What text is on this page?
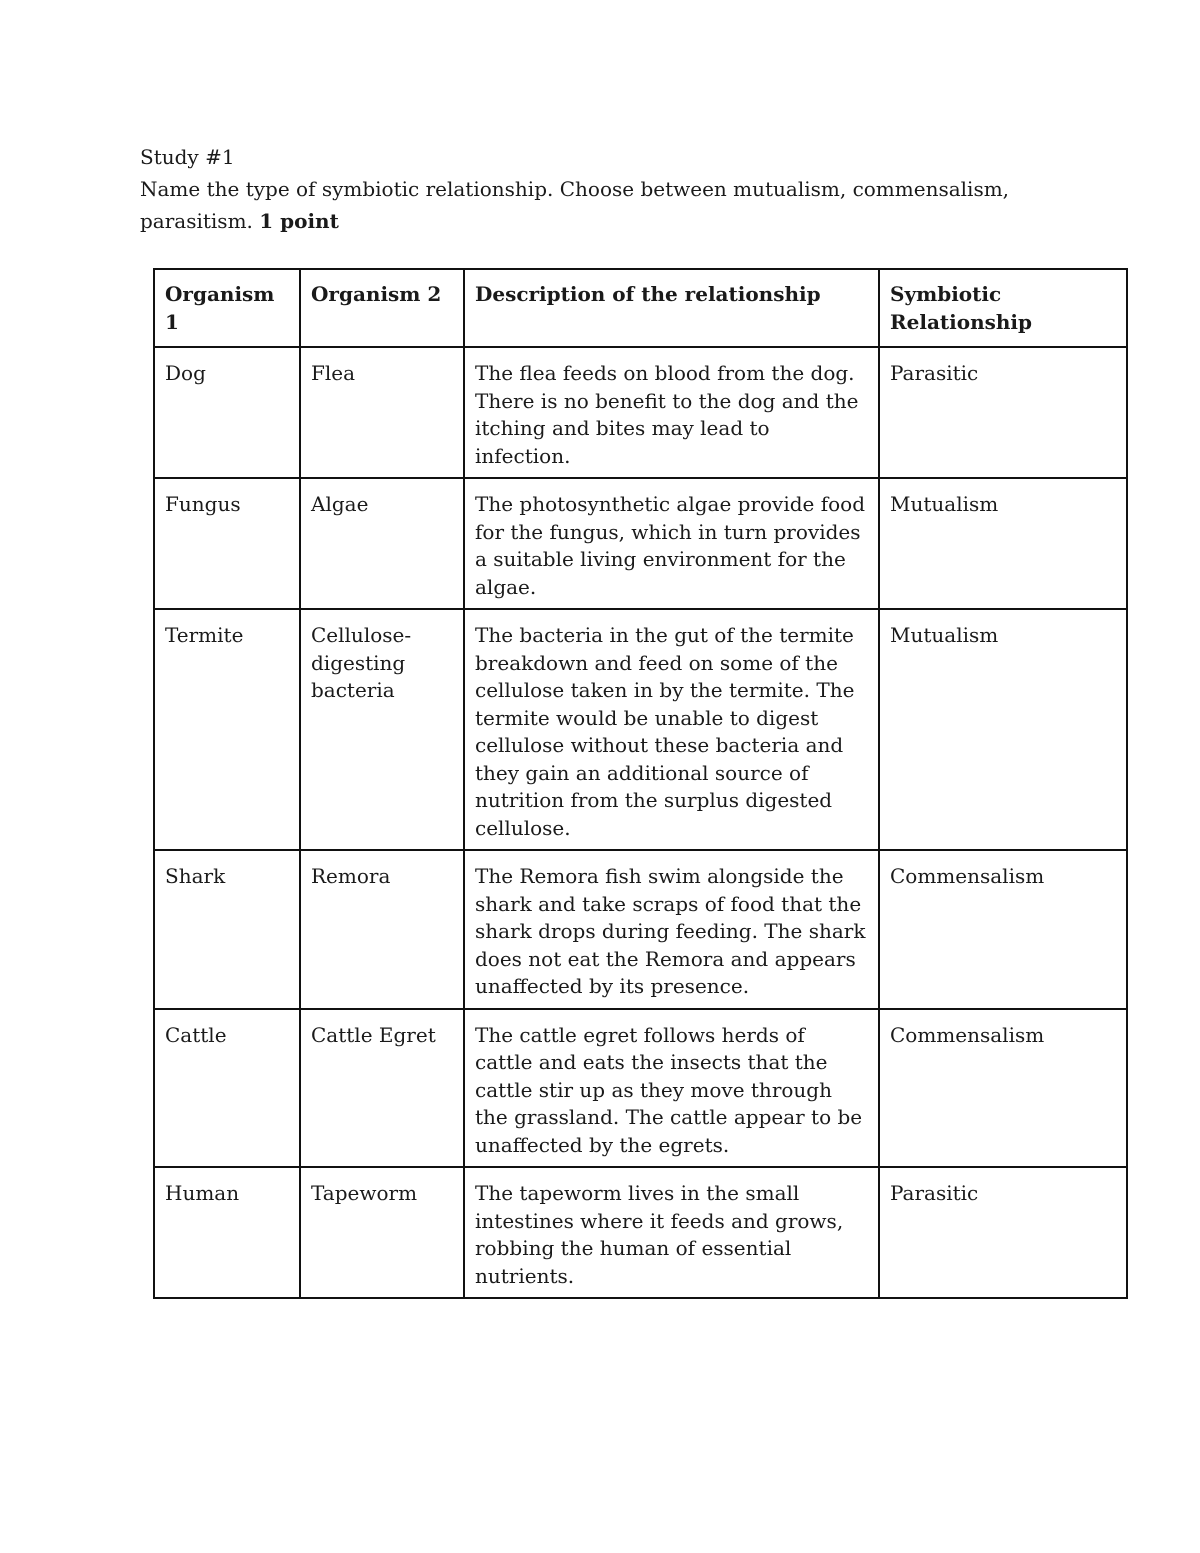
Study #1

Name the type of symbiotic relationship. Choose between mutualism, commensalism, parasitism. 1 point

Organism 1	Organism 2	Description of the relationship	Symbiotic Relationship
Dog	Flea	The flea feeds on blood from the dog. There is no benefit to the dog and the itching and bites may lead to infection.	Parasitic
Fungus	Algae	The photosynthetic algae provide food for the fungus, which in turn provides a suitable living environment for the algae.	Mutualism
Termite	Cellulose-digesting bacteria	The bacteria in the gut of the termite breakdown and feed on some of the cellulose taken in by the termite. The termite would be unable to digest cellulose without these bacteria and they gain an additional source of nutrition from the surplus digested cellulose.	Mutualism
Shark	Remora	The Remora fish swim alongside the shark and take scraps of food that the shark drops during feeding. The shark does not eat the Remora and appears unaffected by its presence.	Commensalism
Cattle	Cattle Egret	The cattle egret follows herds of cattle and eats the insects that the cattle stir up as they move through the grassland. The cattle appear to be unaffected by the egrets.	Commensalism
Human	Tapeworm	The tapeworm lives in the small intestines where it feeds and grows, robbing the human of essential nutrients.	Parasitic
